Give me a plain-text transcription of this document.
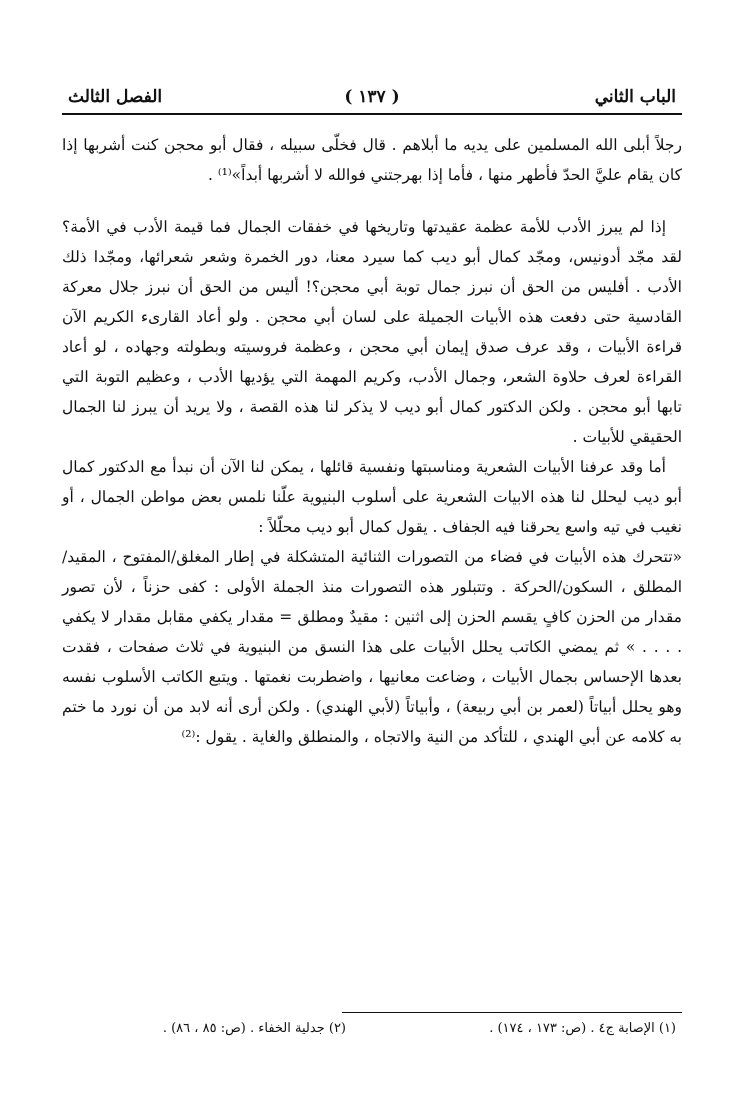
الباب الثاني
( ١٣٧ )
الفصل الثالث

رجلاً أبلى الله المسلمين على يديه ما أبلاهم . قال فخلّى سبيله ، فقال أبو محجن كنت أشربها إذا كان يقام عليَّ الحدّ فأطهر منها ، فأما إذا بهرجتني فوالله لا أشربها أبداً»⁽¹⁾ .

إذا لم يبرز الأدب للأمة عظمة عقيدتها وتاريخها في خفقات الجمال فما قيمة الأدب في الأمة؟ لقد مجّد أدونيس، ومجّد كمال أبو ديب كما سيرد معنا، دور الخمرة وشعر شعرائها، ومجّدا ذلك الأدب . أفليس من الحق أن نبرز جمال توبة أبي محجن؟! أليس من الحق أن نبرز جلال معركة القادسية حتى دفعت هذه الأبيات الجميلة على لسان أبي محجن . ولو أعاد القارىء الكريم الآن قراءة الأبيات ، وقد عرف صدق إيمان أبي محجن ، وعظمة فروسيته وبطولته وجهاده ، لو أعاد القراءة لعرف حلاوة الشعر، وجمال الأدب، وكريم المهمة التي يؤديها الأدب ، وعظيم التوبة التي تابها أبو محجن . ولكن الدكتور كمال أبو ديب لا يذكر لنا هذه القصة ، ولا يريد أن يبرز لنا الجمال الحقيقي للأبيات .

أما وقد عرفنا الأبيات الشعرية ومناسبتها ونفسية قائلها ، يمكن لنا الآن أن نبدأ مع الدكتور كمال أبو ديب ليحلل لنا هذه الابيات الشعرية على أسلوب البنيوية علّنا نلمس بعض مواطن الجمال ، أو نغيب في تيه واسع يحرقنا فيه الجفاف . يقول كمال أبو ديب محلّلاً :

«تتحرك هذه الأبيات في فضاء من التصورات الثنائية المتشكلة في إطار المغلق/المفتوح ، المقيد/المطلق ، السكون/الحركة . وتتبلور هذه التصورات منذ الجملة الأولى : كفى حزناً ، لأن تصور مقدار من الحزن كافٍ يقسم الحزن إلى اثنين : مقيدٌ ومطلق = مقدار يكفي مقابل مقدار لا يكفي . . . . » ثم يمضي الكاتب يحلل الأبيات على هذا النسق من البنيوية في ثلاث صفحات ، فقدت بعدها الإحساس بجمال الأبيات ، وضاعت معانيها ، واضطربت نغمتها . ويتبع الكاتب الأسلوب نفسه وهو يحلل أبياتاً (لعمر بن أبي ربيعة) ، وأبياتاً (لأبي الهندي) . ولكن أرى أنه لابد من أن نورد ما ختم به كلامه عن أبي الهندي ، للتأكد من النية والاتجاه ، والمنطلق والغاية . يقول :⁽²⁾

(١) الإصابة ج٤ . (ص: ١٧٣ ، ١٧٤) .
(٢) جدلية الخفاء . (ص: ٨٥ ، ٨٦) .
